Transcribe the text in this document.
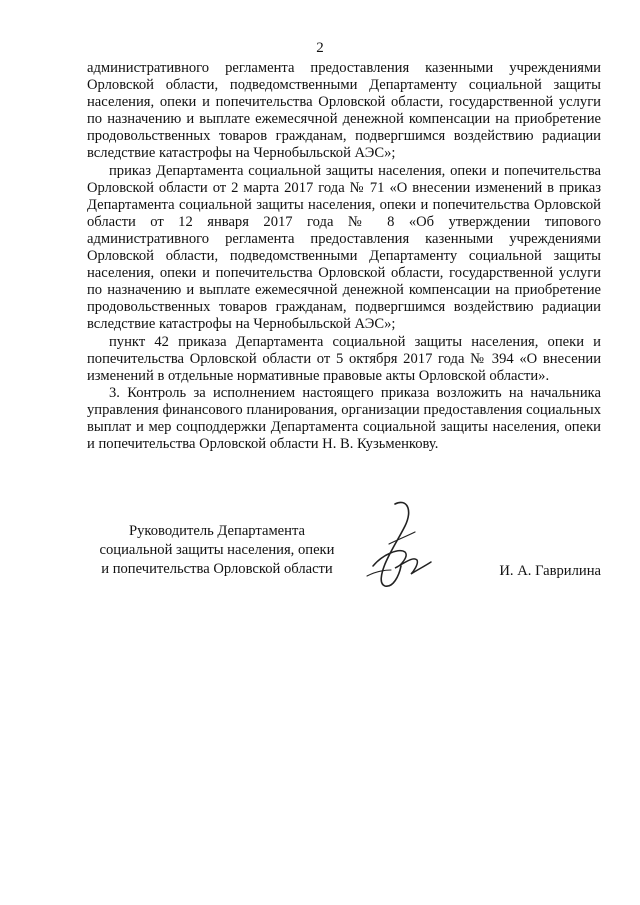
2

административного регламента предоставления казенными учреждениями Орловской области, подведомственными Департаменту социальной защиты населения, опеки и попечительства Орловской области, государственной услуги по назначению и выплате ежемесячной денежной компенсации на приобретение продовольственных товаров гражданам, подвергшимся воздействию радиации вследствие катастрофы на Чернобыльской АЭС»;

приказ Департамента социальной защиты населения, опеки и попечительства Орловской области от 2 марта 2017 года № 71 «О внесении изменений в приказ Департамента социальной защиты населения, опеки и попечительства Орловской области от 12 января 2017 года № 8 «Об утверждении типового административного регламента предоставления казенными учреждениями Орловской области, подведомственными Департаменту социальной защиты населения, опеки и попечительства Орловской области, государственной услуги по назначению и выплате ежемесячной денежной компенсации на приобретение продовольственных товаров гражданам, подвергшимся воздействию радиации вследствие катастрофы на Чернобыльской АЭС»;

пункт 42 приказа Департамента социальной защиты населения, опеки и попечительства Орловской области от 5 октября 2017 года № 394 «О внесении изменений в отдельные нормативные правовые акты Орловской области».

3. Контроль за исполнением настоящего приказа возложить на начальника управления финансового планирования, организации предоставления социальных выплат и мер соцподдержки Департамента социальной защиты населения, опеки и попечительства Орловской области Н. В. Кузьменкову.

Руководитель Департамента
социальной защиты населения, опеки
и попечительства Орловской области	И. А. Гаврилина
